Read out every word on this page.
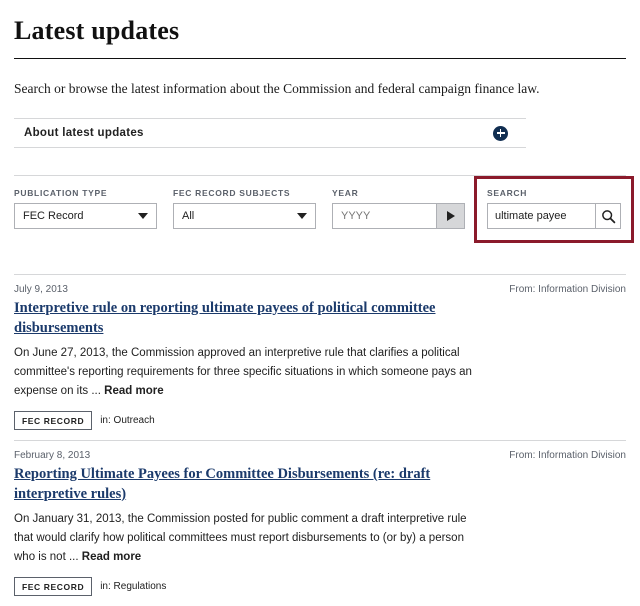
Latest updates

Search or browse the latest information about the Commission and federal campaign finance law.

About latest updates
PUBLICATION TYPE
FEC Record
FEC RECORD SUBJECTS
All
YEAR
YYYY	SEARCH
ultimate payee
July 9, 2013	From: Information Division
Interpretive rule on reporting ultimate payees of political committee disbursements

On June 27, 2013, the Commission approved an interpretive rule that clarifies a political committee's reporting requirements for three specific situations in which someone pays an expense on its ... Read more

FEC RECORD	in: Outreach
February 8, 2013	From: Information Division
Reporting Ultimate Payees for Committee Disbursements (re: draft interpretive rules)

On January 31, 2013, the Commission posted for public comment a draft interpretive rule that would clarify how political committees must report disbursements to (or by) a person who is not ... Read more

FEC RECORD	in: Regulations
